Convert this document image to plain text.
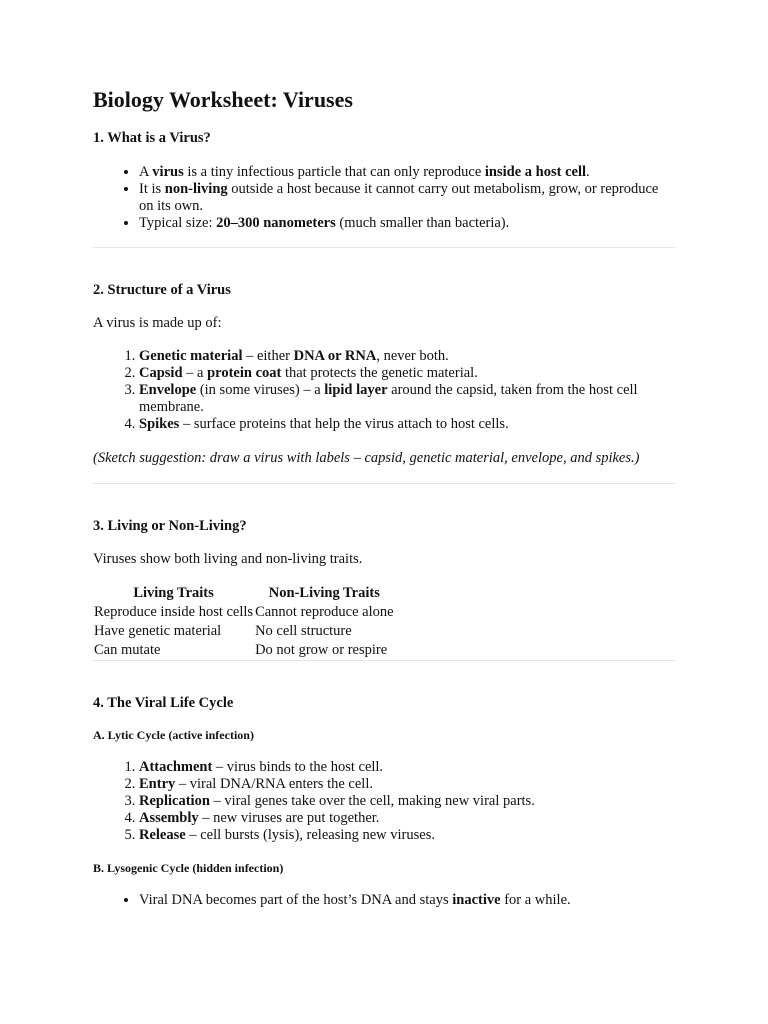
Biology Worksheet: Viruses
1. What is a Virus?
• A virus is a tiny infectious particle that can only reproduce inside a host cell.
• It is non-living outside a host because it cannot carry out metabolism, grow, or reproduce on its own.
• Typical size: 20–300 nanometers (much smaller than bacteria).
2. Structure of a Virus

A virus is made up of:

1. Genetic material – either DNA or RNA, never both.
2. Capsid – a protein coat that protects the genetic material.
3. Envelope (in some viruses) – a lipid layer around the capsid, taken from the host cell membrane.
4. Spikes – surface proteins that help the virus attach to host cells.

(Sketch suggestion: draw a virus with labels – capsid, genetic material, envelope, and spikes.)

3. Living or Non-Living?

Viruses show both living and non-living traits.

Living Traits	Non-Living Traits
Reproduce inside host cells	Cannot reproduce alone
Have genetic material	No cell structure
Can mutate	Do not grow or respire
4. The Viral Life Cycle
A. Lytic Cycle (active infection)
1. Attachment – virus binds to the host cell.
2. Entry – viral DNA/RNA enters the cell.
3. Replication – viral genes take over the cell, making new viral parts.
4. Assembly – new viruses are put together.
5. Release – cell bursts (lysis), releasing new viruses.
B. Lysogenic Cycle (hidden infection)
• Viral DNA becomes part of the host’s DNA and stays inactive for a while.
